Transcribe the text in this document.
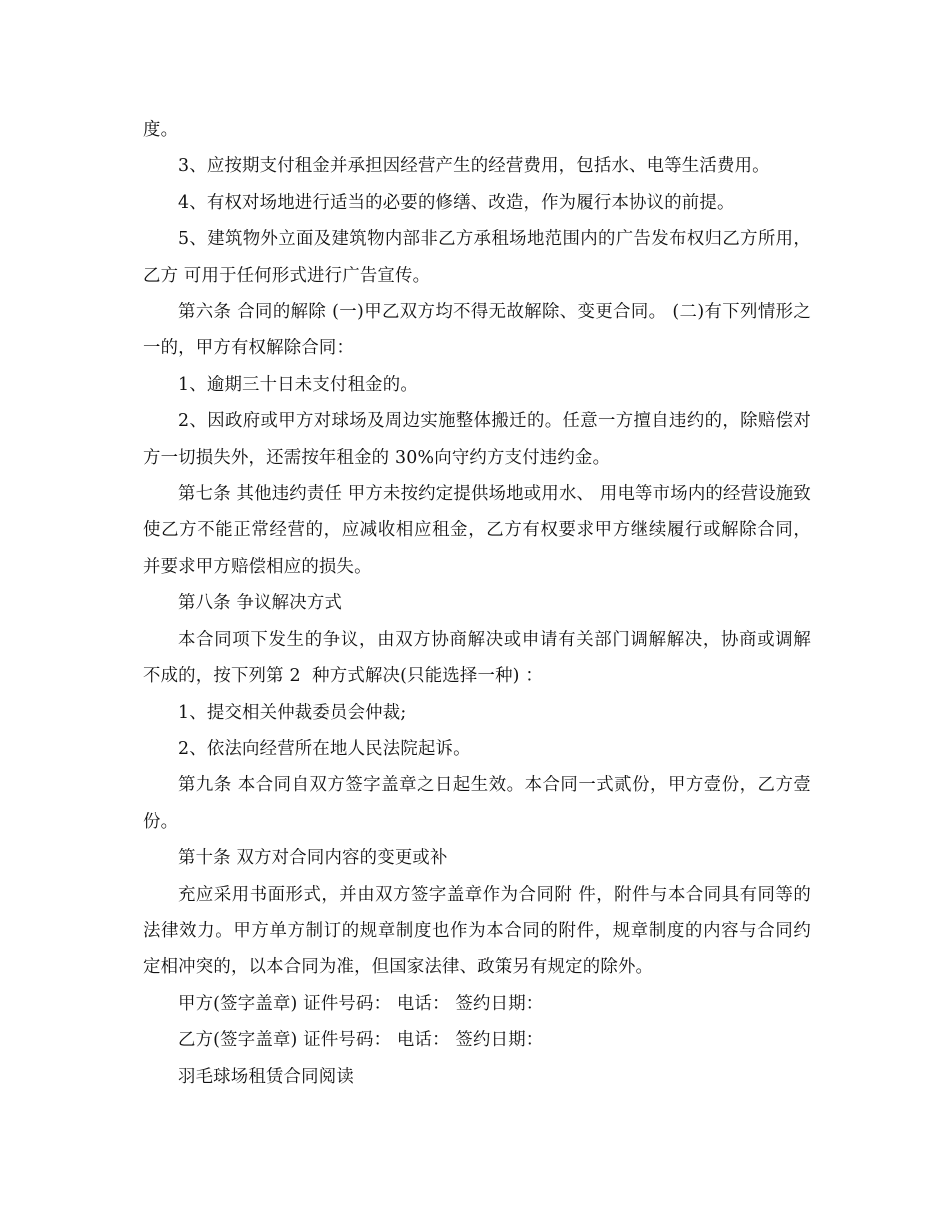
度。

3、应按期支付租金并承担因经营产生的经营费用，包括水、电等生活费用。

4、有权对场地进行适当的必要的修缮、改造，作为履行本协议的前提。

5、建筑物外立面及建筑物内部非乙方承租场地范围内的广告发布权归乙方所用，乙方 可用于任何形式进行广告宣传。

第六条 合同的解除 (一)甲乙双方均不得无故解除、变更合同。 (二)有下列情形之一的，甲方有权解除合同：

1、逾期三十日未支付租金的。

2、因政府或甲方对球场及周边实施整体搬迁的。任意一方擅自违约的，除赔偿对方一切损失外，还需按年租金的 30%向守约方支付违约金。

第七条 其他违约责任 甲方未按约定提供场地或用水、 用电等市场内的经营设施致使乙方不能正常经营的，应减收相应租金，乙方有权要求甲方继续履行或解除合同，并要求甲方赔偿相应的损失。

第八条 争议解决方式

本合同项下发生的争议，由双方协商解决或申请有关部门调解解决，协商或调解不成的，按下列第 2  种方式解决(只能选择一种) ：

1、提交相关仲裁委员会仲裁;

2、依法向经营所在地人民法院起诉。

第九条 本合同自双方签字盖章之日起生效。本合同一式贰份，甲方壹份，乙方壹份。

第十条 双方对合同内容的变更或补

充应采用书面形式，并由双方签字盖章作为合同附 件，附件与本合同具有同等的法律效力。甲方单方制订的规章制度也作为本合同的附件，规章制度的内容与合同约定相冲突的，以本合同为准，但国家法律、政策另有规定的除外。

甲方(签字盖章) 证件号码： 电话： 签约日期：

乙方(签字盖章) 证件号码： 电话： 签约日期：

羽毛球场租赁合同阅读
